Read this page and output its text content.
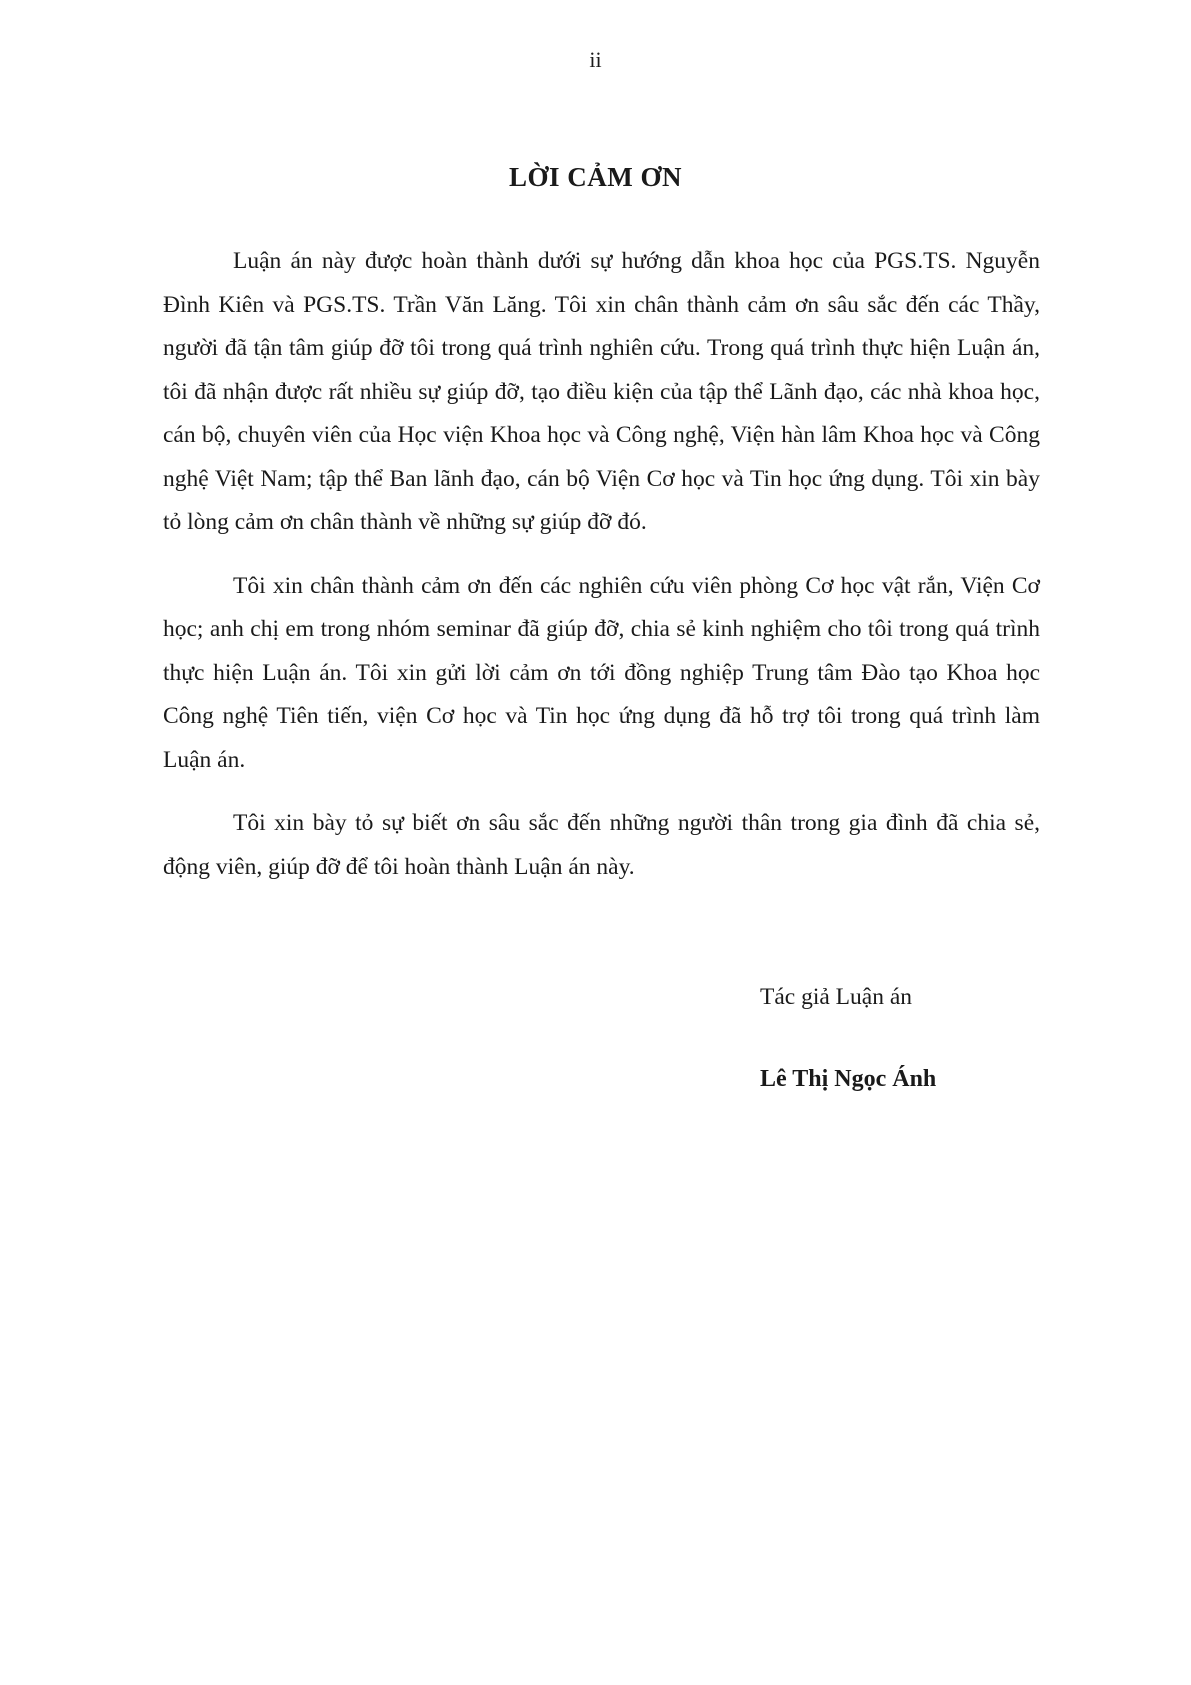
ii
LỜI CẢM ƠN

Luận án này được hoàn thành dưới sự hướng dẫn khoa học của PGS.TS. Nguyễn Đình Kiên và PGS.TS. Trần Văn Lăng. Tôi xin chân thành cảm ơn sâu sắc đến các Thầy, người đã tận tâm giúp đỡ tôi trong quá trình nghiên cứu. Trong quá trình thực hiện Luận án, tôi đã nhận được rất nhiều sự giúp đỡ, tạo điều kiện của tập thể Lãnh đạo, các nhà khoa học, cán bộ, chuyên viên của Học viện Khoa học và Công nghệ, Viện hàn lâm Khoa học và Công nghệ Việt Nam; tập thể Ban lãnh đạo, cán bộ Viện Cơ học và Tin học ứng dụng. Tôi xin bày tỏ lòng cảm ơn chân thành về những sự giúp đỡ đó.

Tôi xin chân thành cảm ơn đến các nghiên cứu viên phòng Cơ học vật rắn, Viện Cơ học; anh chị em trong nhóm seminar đã giúp đỡ, chia sẻ kinh nghiệm cho tôi trong quá trình thực hiện Luận án. Tôi xin gửi lời cảm ơn tới đồng nghiệp Trung tâm Đào tạo Khoa học Công nghệ Tiên tiến, viện Cơ học và Tin học ứng dụng đã hỗ trợ tôi trong quá trình làm Luận án.

Tôi xin bày tỏ sự biết ơn sâu sắc đến những người thân trong gia đình đã chia sẻ, động viên, giúp đỡ để tôi hoàn thành Luận án này.

Tác giả Luận án

Lê Thị Ngọc Ánh
